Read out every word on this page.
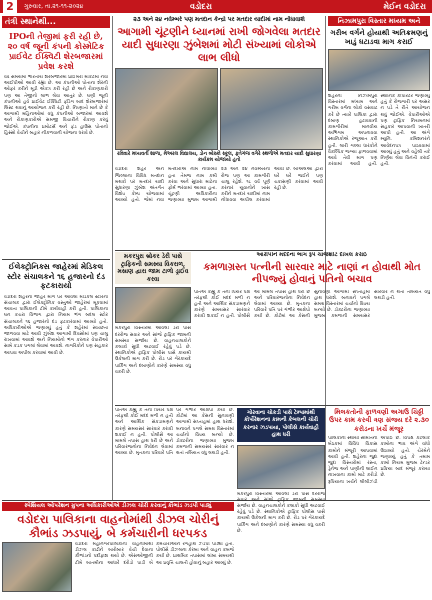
2	ગુરુવાર, તા.૨૧-૧૧-૨૦૨૪	વડોદરા	મેઈન વડોદરા
તંત્રી સ્થાનેથી...
IPOની તેજીમાં ફરી રહી છે, ૨૦ વર્ષ જૂની કંપની કોસ્મેટિક પ્રાઈવેટ ઈક્વિટી શેરબજારમાં પ્રવેશ કરશે
વર્ષ સમયમાં ભારતીય શેરબજારમાં પ્રાઈમરી માર્કેટમાં નવા આઈપીઓ આવી રહ્યા છે. આ કંપનીઓ પોતાના શેરની ઓફર કરીને મૂડી એકત્ર કરી રહી છે અને રોકાણકારો પણ આ તેજીનો લાભ લેવા આતુર છે. ઘણી જૂની કંપનીઓ હવે પ્રાઈવેટ ઈક્વિટી ફંડિંગ બાદ શેરબજારમાં લિસ્ટ થવાનું આયોજન કરી રહી છે. નિષ્ણાતો માને છે કે આગામી મહિનાઓમાં વધુ કંપનીઓ બજારમાં આવશે અને રોકાણકારોએ સમજી વિચારીને રોકાણ કરવું જોઈએ. કંપનીના પ્રમોટર્સ અને ફંડ હાઉસ પોતાનો હિસ્સો વેચીને બહાર નીકળવાની યોજના ધરાવે છે.
ઈલેક્ટ્રોનિક્સ જાહેરમાં મેડિકલ સ્ટોર સંચાલકને ૧૬ હજારનો દંડ ફટકારાયો
વડોદરા શહેરના જાહેર માર્ગ પર આવેલા મેડિકલ સ્ટોરના સંચાલક દ્વારા ઈલેક્ટ્રોનિક વસ્તુઓ જાહેરમાં મૂકવામાં આવતા પાલિકાની ટીમે કાર્યવાહી કરી હતી. પાલિકાના ઘન કચરા વિભાગ દ્વારા નિયમ ભંગ બદલ સ્ટોર સંચાલકને ૧૬ હજારનો દંડ ફટકારવામાં આવ્યો હતો. અધિકારીઓએ જણાવ્યું હતું કે શહેરમાં સ્વચ્છતા જાળવવા માટે આવી ઝુંબેશ આગામી દિવસોમાં પણ ચાલુ રાખવામાં આવશે અને નિયમોનો ભંગ કરનાર વેપારીઓ સામે કડક પગલાં લેવામાં આવશે. નાગરિકોને પણ સહકાર આપવા અપીલ કરવામાં આવી છે.
૨૩ અને ૨૪ નવેમ્બરે પણ મતદાન કેન્દ્રો પર મતદાર યાદીમાં નામ નોંધાવાશે
આગામી ચૂંટણીને ધ્યાનમાં રાખી જોગવેલા મતદાર યાદી સુધારણા ઝુંબેશમાં મોટી સંખ્યામાં લોકોએ લાભ લીધો
રવિવારે મધ્યવર્તી શાળા, મેઅરલ વિદ્યાલય, ડોન બોસ્કો સ્કૂલ, ફતેગંજ વગેરે સ્થળોએ મતદાર યાદી સુધારણા કાર્યક્રમ યોજાયો હતો
વડોદરા શહેર અને જિલ્લાના વિવિધ મતદાન મથકો પર મતદાર યાદી સુધારણા ઝુંબેશ અંતર્ગત વિશેષ કેમ્પ યોજવામાં આવ્યો હતો. જેમાં નવા મતદારોએ નામ નોંધાવ્યા હતા તેમજ નામ કમી કરવા અને સુધારા માટેના ફોર્મ ભરવામાં આવ્યા હતા. ચૂંટણી અધિકારીના જણાવ્યા મુજબ આગામી ૨૩ અને ૨૪ નવેમ્બરના રોજ પણ આ કામગીરી ચાલુ રહેશે. ૧૮ વર્ષ પૂર્ણ કરનાર યુવાનોને ખાસ કરીને મતદાર યાદીમાં નામ નોંધાવવા અપીલ કરવામાં આવી છે. બીએલઓ દ્વારા ઘરે ઘરે જઈને પણ ચકાસણી કરવામાં આવી રહી છે.
નિઝામપુરા વિસ્તાર મધ્યમ અને
ગરીબ વર્ગને હોયાથી અતિક્રમણનું ખાડું ઘટાડવા માગ કરાઈ
શહેરના નિઝામપુરા વિસ્તારમાં મધ્યમ અને ગરીબ વર્ગના લોકો વસવાટ કરે છે ત્યારે પાલિકા દ્વારા દબાણ હટાવવાની કામગીરીમાં માનવીય અભિગમ અપનાવવા સ્થાનિકોએ રજૂઆત કરી હતી. લારી ગલ્લા ધારકોને વૈકલ્પિક જગ્યા ફાળવવામાં આવે તેવી માગ પણ કરવામાં આવી હતી. સ્થાનિક કોર્પોરેટરે જણાવ્યું હતું કે રોજગારી પર અસર ન પડે તે રીતે આયોજન થવું જોઈએ. વેપારીઓએ પણ ટ્રાફિક નિયમનમાં સહકાર આપવાની ખાતરી આપી હતી. આ અંગે મ્યુનિ. કમિશનરને આવેદનપત્ર પાઠવવામાં આવ્યું હતું અને વહેલી તકે નિર્ણય લેવા વિનંતી કરાઈ હતી.
મકરપુરા બ્રોકર ડેરી પાસે ટ્રાફિકની સમસ્યા વિકરાળ, મસાણ દ્વારા જામ ટાળો ડ્રાઈવ કરવા
મકરપુરા વિસ્તારમાં આવેલી ડેરી પાસે દરરોજ સવાર અને સાંજે ટ્રાફિક જામની સમસ્યા સર્જાય છે. વાહનચાલકોને કલાકો સુધી અટવાઈ રહેવું પડે છે. સ્થાનિકોએ ટ્રાફિક પોલીસ પાસે કાયમી ઉકેલની માગ કરી છે. રોડ પર ગેરકાયદે પાર્કિંગ અને દબાણોને કારણે સમસ્યા વધુ વકરી છે.
આરોપીને મદદના ભાગ રૂપે ચાર્જશીટ દાખલ કરાઈ
કમળાગ્રસ્ત પત્નીની સારવાર માટે નાણાં ન હોવાથી મોત નીપજ્યું હોવાનું પતિનો બચાવ
પતિએ કહ્યું કે તેના પિયર પક્ષ તરફથી કોઈ મદદ મળી ન હતી અને આર્થિક સંકડામણને કારણે સમયસર સારવાર કરાવી શકાઈ ન હતી. પોલીસે આ મામલે તપાસ હાથ ધરી છે અને પરિવારજનોના નિવેદન લેવામાં આવ્યા છે. મૃતકના પરિવારે પતિ પર ગંભીર આક્ષેપો કર્યા છે. કોર્ટમાં આ કેસની સુનાવણી આગામી સપ્તાહમાં હાથ ધરાશે. બનાવને પગલે સમગ્ર વિસ્તારમાં ચર્ચાનો વિષય બન્યો છે. ડૉક્ટરોના જણાવ્યા મુજબ કમળાની સમયસર સારવાર ન થતાં તબિયત વધુ લથડી હતી.
સ્પેશિયલ ઓપરેશન ગ્રુપના અધિકારીઓએ ડીઝલ ચોરી કરવાનું કૌભાંડ ઝડપી પાડ્યું
વડોદરા પાલિકાના વાહનોમાંથી ડીઝલ ચોરીનું કૌભાંડ ઝડપાયું, બે કર્મચારીની ધરપકડ
વડોદરા મહાનગરપાલિકાના વાહનોમાંથી ડીઝલ કાઢીને બારોબાર વેચી દેવાના કૌભાંડનો પર્દાફાશ થયો છે. એસઓજીની ટીમે બાતમીના આધારે દરોડો પાડી બે કર્મચારીઓને રંગેહાથ ઝડપી પાડ્યા હતા. પોલીસે ડીઝલના કેરબા અને વાહન કબજે કર્યા છે. પ્રાથમિક તપાસમાં લાંબા સમયથી આ પ્રવૃત્તિ ચાલતી હોવાનું બહાર આવ્યું છે.
ગોરવાના ચોકડી પાસે ટેમ્પામાંથી કોર્પોરેશનના કામની કેબલની ચોરી કરનાર ઝડપાયા, પોલીસે કાર્યવાહી હાથ ધરી
મકરપુરા વિસ્તારમાં આવેલી ડેરી પાસે દરરોજ સવાર અને સાંજે ટ્રાફિક જામની સમસ્યા સર્જાય છે. વાહનચાલકોને કલાકો સુધી અટવાઈ રહેવું પડે છે. સ્થાનિકોએ ટ્રાફિક પોલીસ પાસે કાયમી ઉકેલની માગ કરી છે. રોડ પર ગેરકાયદે પાર્કિંગ અને દબાણોને કારણે સમસ્યા વધુ વકરી છે.
મિલકતોની ફાળવણી અગાઉ ચિઠ્ઠી ઉપર કામ કરવી ત્રણ સંજય દરે ૨.૩૦ કરોડના ખર્ચે મંજૂર
પાલિકાની સ્થાયી સમિતિની બેઠકમાં વિવિધ વિકાસ કામોને મંજૂરી આપવામાં આવી હતી. શહેરના જુદા જુદા વિસ્તારોમાં રસ્તા, ડ્રેનેજ અને પાણીની લાઈન નાખવાના કામો માટે કરોડો રૂપિયાના ખર્ચને લીલીઝંડી અપાઈ છે. વિપક્ષે કેટલાક કામોના ભાવ અંગે વાંધો ઉઠાવ્યો હતો. ચેરમેને જણાવ્યું હતું કે તમામ કામો નિયમ મુજબ ટેન્ડર પ્રક્રિયા બાદ મંજૂર કરાયા છે.
પતિએ કહ્યું કે તેના પિયર પક્ષ તરફથી કોઈ મદદ મળી ન હતી અને આર્થિક સંકડામણને કારણે સમયસર સારવાર કરાવી શકાઈ ન હતી. પોલીસે આ મામલે તપાસ હાથ ધરી છે અને પરિવારજનોના નિવેદન લેવામાં આવ્યા છે. મૃતકના પરિવારે પતિ પર ગંભીર આક્ષેપો કર્યા છે. કોર્ટમાં આ કેસની સુનાવણી આગામી સપ્તાહમાં હાથ ધરાશે. બનાવને પગલે સમગ્ર વિસ્તારમાં ચર્ચાનો વિષય બન્યો છે. ડૉક્ટરોના જણાવ્યા મુજબ કમળાની સમયસર સારવાર ન થતાં તબિયત વધુ લથડી હતી.
